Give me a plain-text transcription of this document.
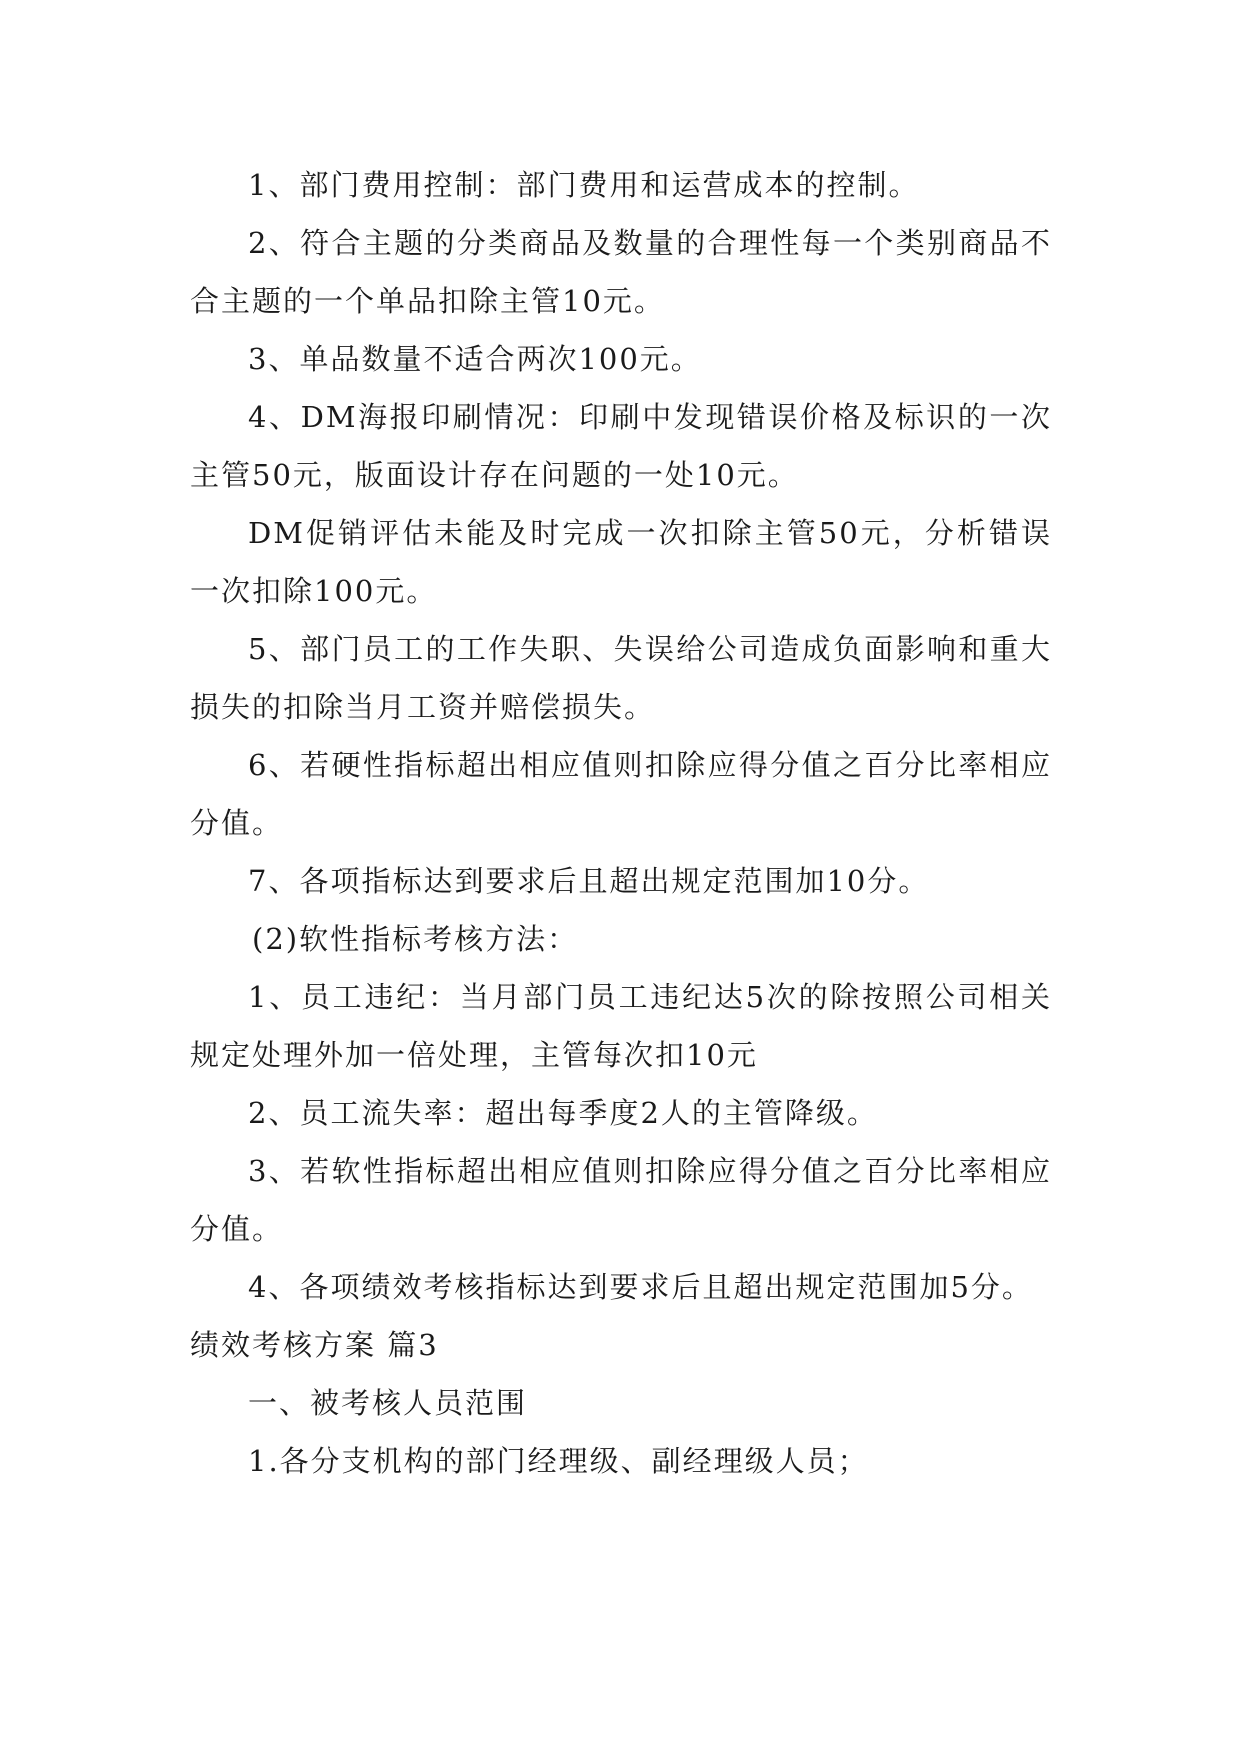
1、部门费用控制：部门费用和运营成本的控制。

2、符合主题的分类商品及数量的合理性每一个类别商品不合主题的一个单品扣除主管10元。

3、单品数量不适合两次100元。

4、DM海报印刷情况：印刷中发现错误价格及标识的一次主管50元，版面设计存在问题的一处10元。

DM促销评估未能及时完成一次扣除主管50元，分析错误一次扣除100元。

5、部门员工的工作失职、失误给公司造成负面影响和重大损失的扣除当月工资并赔偿损失。

6、若硬性指标超出相应值则扣除应得分值之百分比率相应分值。

7、各项指标达到要求后且超出规定范围加10分。

(2)软性指标考核方法：

1、员工违纪：当月部门员工违纪达5次的除按照公司相关规定处理外加一倍处理，主管每次扣10元

2、员工流失率：超出每季度2人的主管降级。

3、若软性指标超出相应值则扣除应得分值之百分比率相应分值。

4、各项绩效考核指标达到要求后且超出规定范围加5分。

绩效考核方案 篇3

一、被考核人员范围

1.各分支机构的部门经理级、副经理级人员；
